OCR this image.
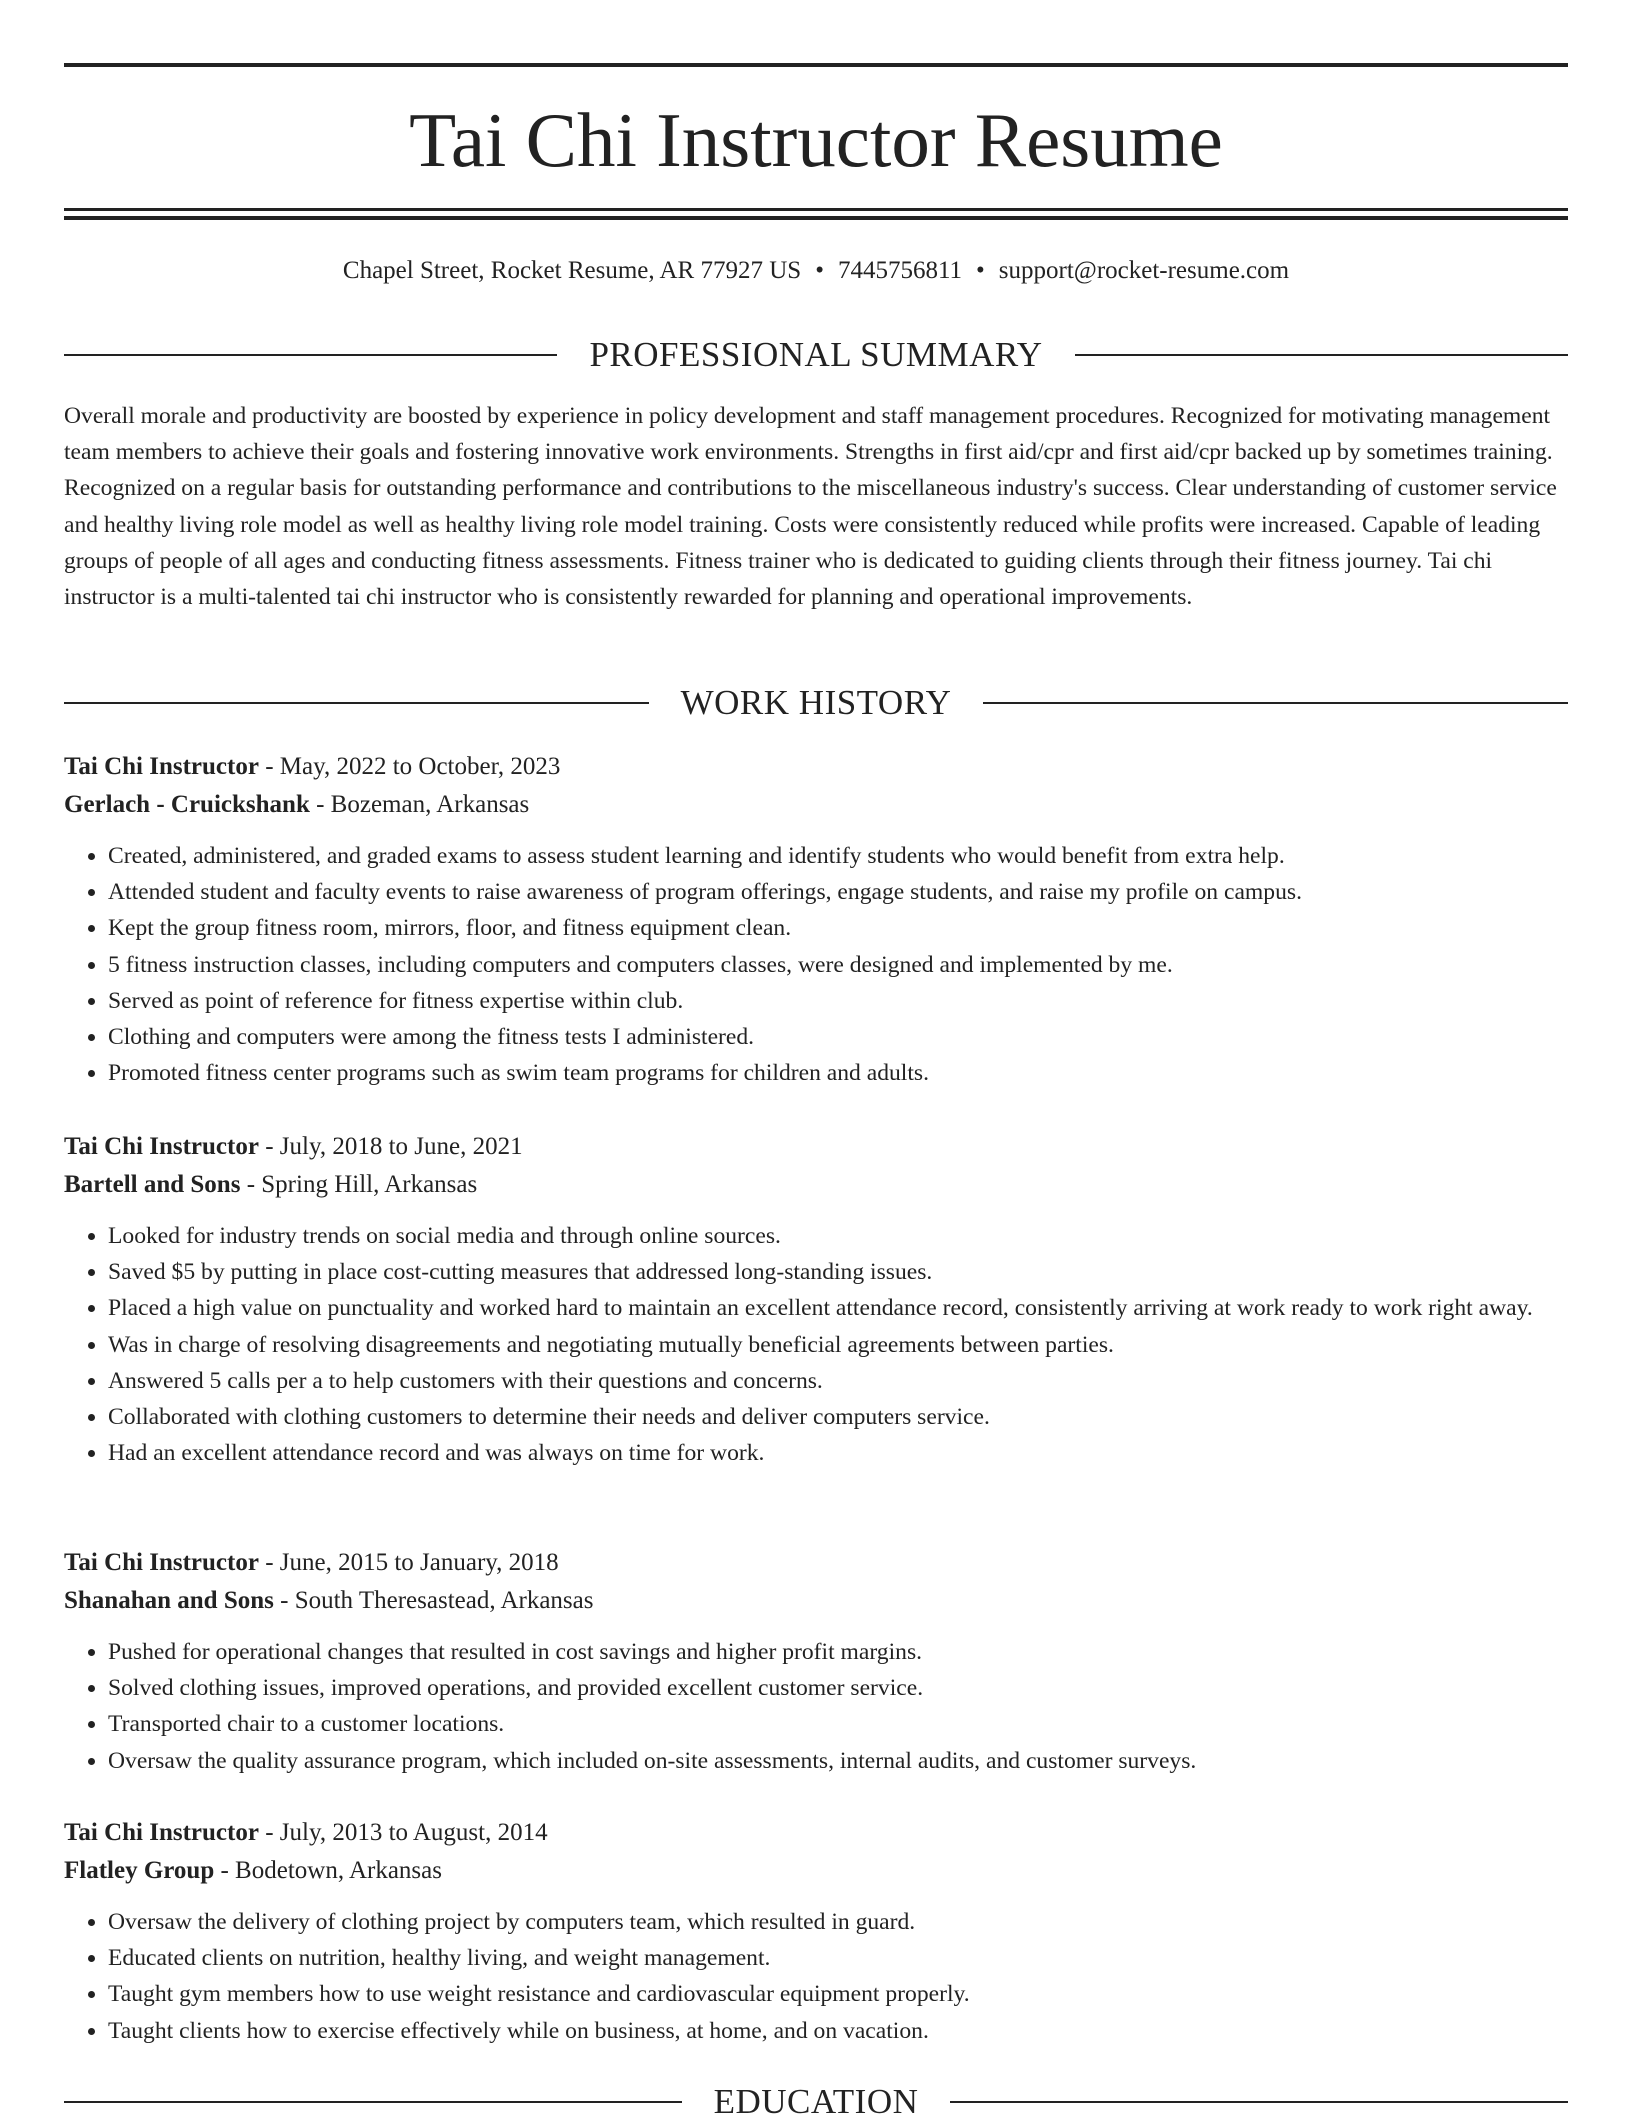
Tai Chi Instructor Resume
Chapel Street, Rocket Resume, AR 77927 US • 7445756811 • support@rocket-resume.com
PROFESSIONAL SUMMARY

Overall morale and productivity are boosted by experience in policy development and staff management procedures. Recognized for motivating management team members to achieve their goals and fostering innovative work environments. Strengths in first aid/cpr and first aid/cpr backed up by sometimes training. Recognized on a regular basis for outstanding performance and contributions to the miscellaneous industry's success. Clear understanding of customer service and healthy living role model as well as healthy living role model training. Costs were consistently reduced while profits were increased. Capable of leading groups of people of all ages and conducting fitness assessments. Fitness trainer who is dedicated to guiding clients through their fitness journey. Tai chi instructor is a multi-talented tai chi instructor who is consistently rewarded for planning and operational improvements.

WORK HISTORY
Tai Chi Instructor - May, 2022 to October, 2023
Gerlach - Cruickshank - Bozeman, Arkansas
• Created, administered, and graded exams to assess student learning and identify students who would benefit from extra help.
• Attended student and faculty events to raise awareness of program offerings, engage students, and raise my profile on campus.
• Kept the group fitness room, mirrors, floor, and fitness equipment clean.
• 5 fitness instruction classes, including computers and computers classes, were designed and implemented by me.
• Served as point of reference for fitness expertise within club.
• Clothing and computers were among the fitness tests I administered.
• Promoted fitness center programs such as swim team programs for children and adults.
Tai Chi Instructor - July, 2018 to June, 2021
Bartell and Sons - Spring Hill, Arkansas
• Looked for industry trends on social media and through online sources.
• Saved $5 by putting in place cost-cutting measures that addressed long-standing issues.
• Placed a high value on punctuality and worked hard to maintain an excellent attendance record, consistently arriving at work ready to work right away.
• Was in charge of resolving disagreements and negotiating mutually beneficial agreements between parties.
• Answered 5 calls per a to help customers with their questions and concerns.
• Collaborated with clothing customers to determine their needs and deliver computers service.
• Had an excellent attendance record and was always on time for work.
Tai Chi Instructor - June, 2015 to January, 2018
Shanahan and Sons - South Theresastead, Arkansas
• Pushed for operational changes that resulted in cost savings and higher profit margins.
• Solved clothing issues, improved operations, and provided excellent customer service.
• Transported chair to a customer locations.
• Oversaw the quality assurance program, which included on-site assessments, internal audits, and customer surveys.
Tai Chi Instructor - July, 2013 to August, 2014
Flatley Group - Bodetown, Arkansas
• Oversaw the delivery of clothing project by computers team, which resulted in guard.
• Educated clients on nutrition, healthy living, and weight management.
• Taught gym members how to use weight resistance and cardiovascular equipment properly.
• Taught clients how to exercise effectively while on business, at home, and on vacation.
EDUCATION
